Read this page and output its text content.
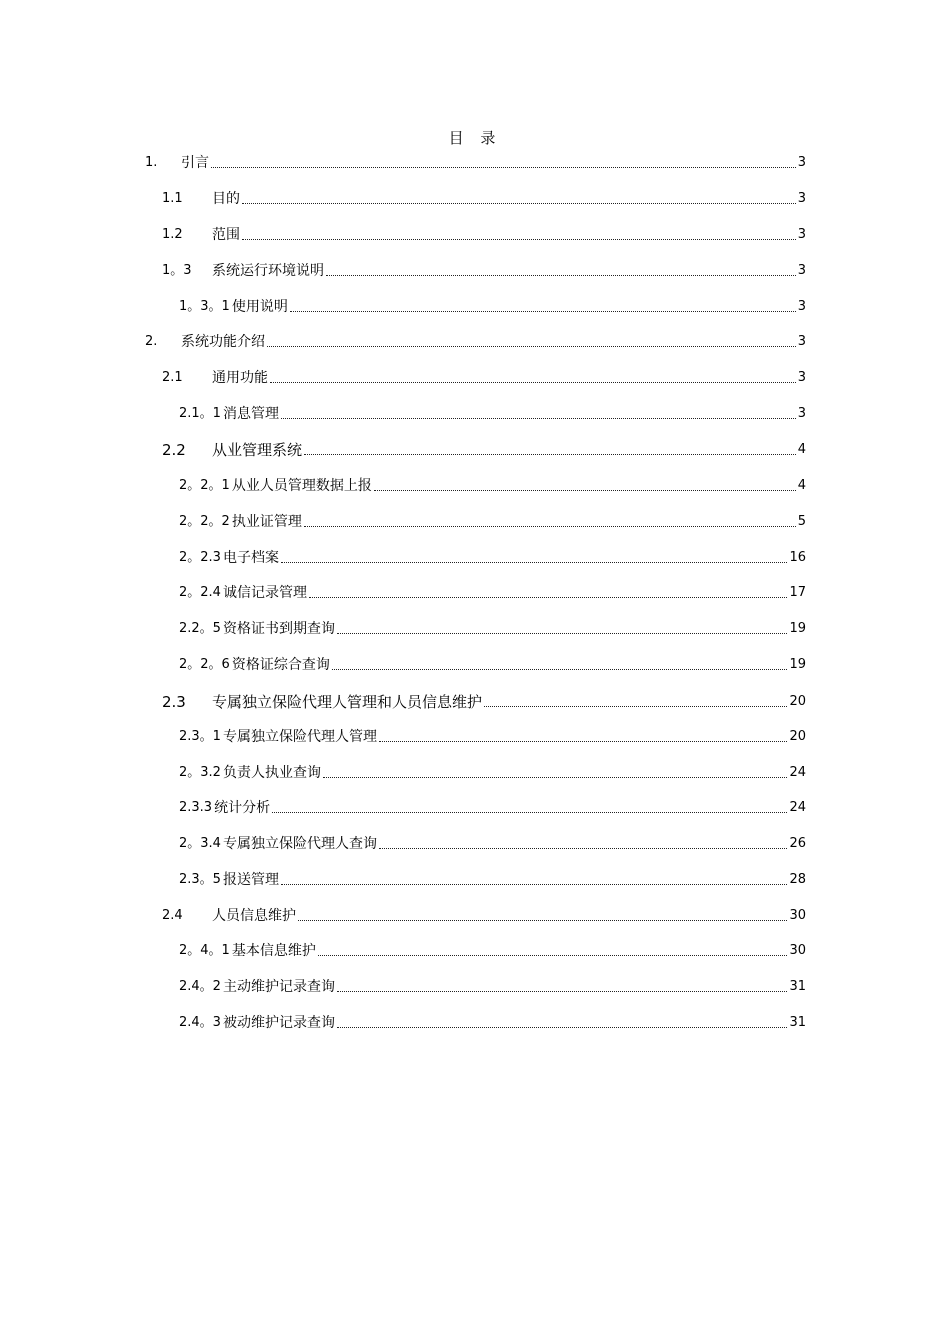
目 录
1.	引言	3
1.1	目的	3
1.2	范围	3
1。3	系统运行环境说明	3
1。3。1 使用说明	3
2.	系统功能介绍	3
2.1	通用功能	3
2.1。1 消息管理	3
2.2	从业管理系统	4
2。2。1 从业人员管理数据上报	4
2。2。2 执业证管理	5
2。2.3 电子档案	16
2。2.4 诚信记录管理	17
2.2。5 资格证书到期查询	19
2。2。6 资格证综合查询	19
2.3	专属独立保险代理人管理和人员信息维护	20
2.3。1 专属独立保险代理人管理	20
2。3.2 负责人执业查询	24
2.3.3 统计分析	24
2。3.4 专属独立保险代理人查询	26
2.3。5 报送管理	28
2.4	人员信息维护	30
2。4。1 基本信息维护	30
2.4。2 主动维护记录查询	31
2.4。3 被动维护记录查询	31
